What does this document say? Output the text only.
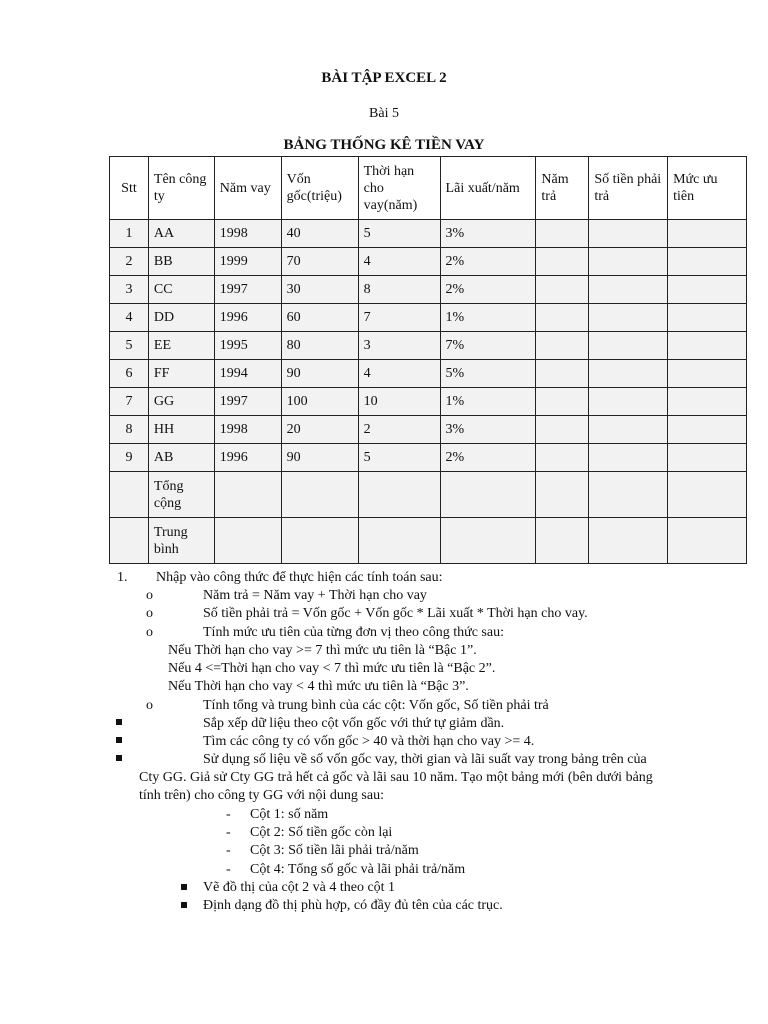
BÀI TẬP EXCEL 2
Bài 5
BẢNG THỐNG KÊ TIỀN VAY
Stt	Tên công ty	Năm vay	Vốn gốc(triệu)	Thời hạn cho vay(năm)	Lãi xuất/năm	Năm trả	Số tiền phải trả	Mức ưu tiên
1	AA	1998	40	5	3%			
2	BB	1999	70	4	2%			
3	CC	1997	30	8	2%			
4	DD	1996	60	7	1%			
5	EE	1995	80	3	7%			
6	FF	1994	90	4	5%			
7	GG	1997	100	10	1%			
8	HH	1998	20	2	3%			
9	AB	1996	90	5	2%			
	Tổng cộng							
	Trung bình							
1. Nhập vào công thức để thực hiện các tính toán sau:
o	Năm trả = Năm vay + Thời hạn cho vay
o	Số tiền phải trả = Vốn gốc + Vốn gốc * Lãi xuất * Thời hạn cho vay.
o	Tính mức ưu tiên của từng đơn vị theo công thức sau:
Nếu Thời hạn cho vay >= 7 thì mức ưu tiên là “Bậc 1”.
Nếu 4 <=Thời hạn cho vay < 7 thì mức ưu tiên là “Bậc 2”.
Nếu Thời hạn cho vay < 4 thì mức ưu tiên là “Bậc 3”.
o	Tính tổng và trung bình của các cột: Vốn gốc, Số tiền phải trả
Sắp xếp dữ liệu theo cột vốn gốc với thứ tự giảm dần.
Tìm các công ty có vốn gốc > 40 và thời hạn cho vay >= 4.
Sử dụng số liệu về số vốn gốc vay, thời gian và lãi suất vay trong bảng trên của Cty GG. Giả sử Cty GG trả hết cả gốc và lãi sau 10 năm. Tạo một bảng mới (bên dưới bảng tính trên) cho công ty GG với nội dung sau:
- Cột 1: số năm
- Cột 2: Số tiền gốc còn lại
- Cột 3: Số tiền lãi phải trả/năm
- Cột 4: Tổng số gốc và lãi phải trả/năm
Vẽ đồ thị của cột 2 và 4 theo cột 1
Định dạng đồ thị phù hợp, có đầy đủ tên của các trục.
